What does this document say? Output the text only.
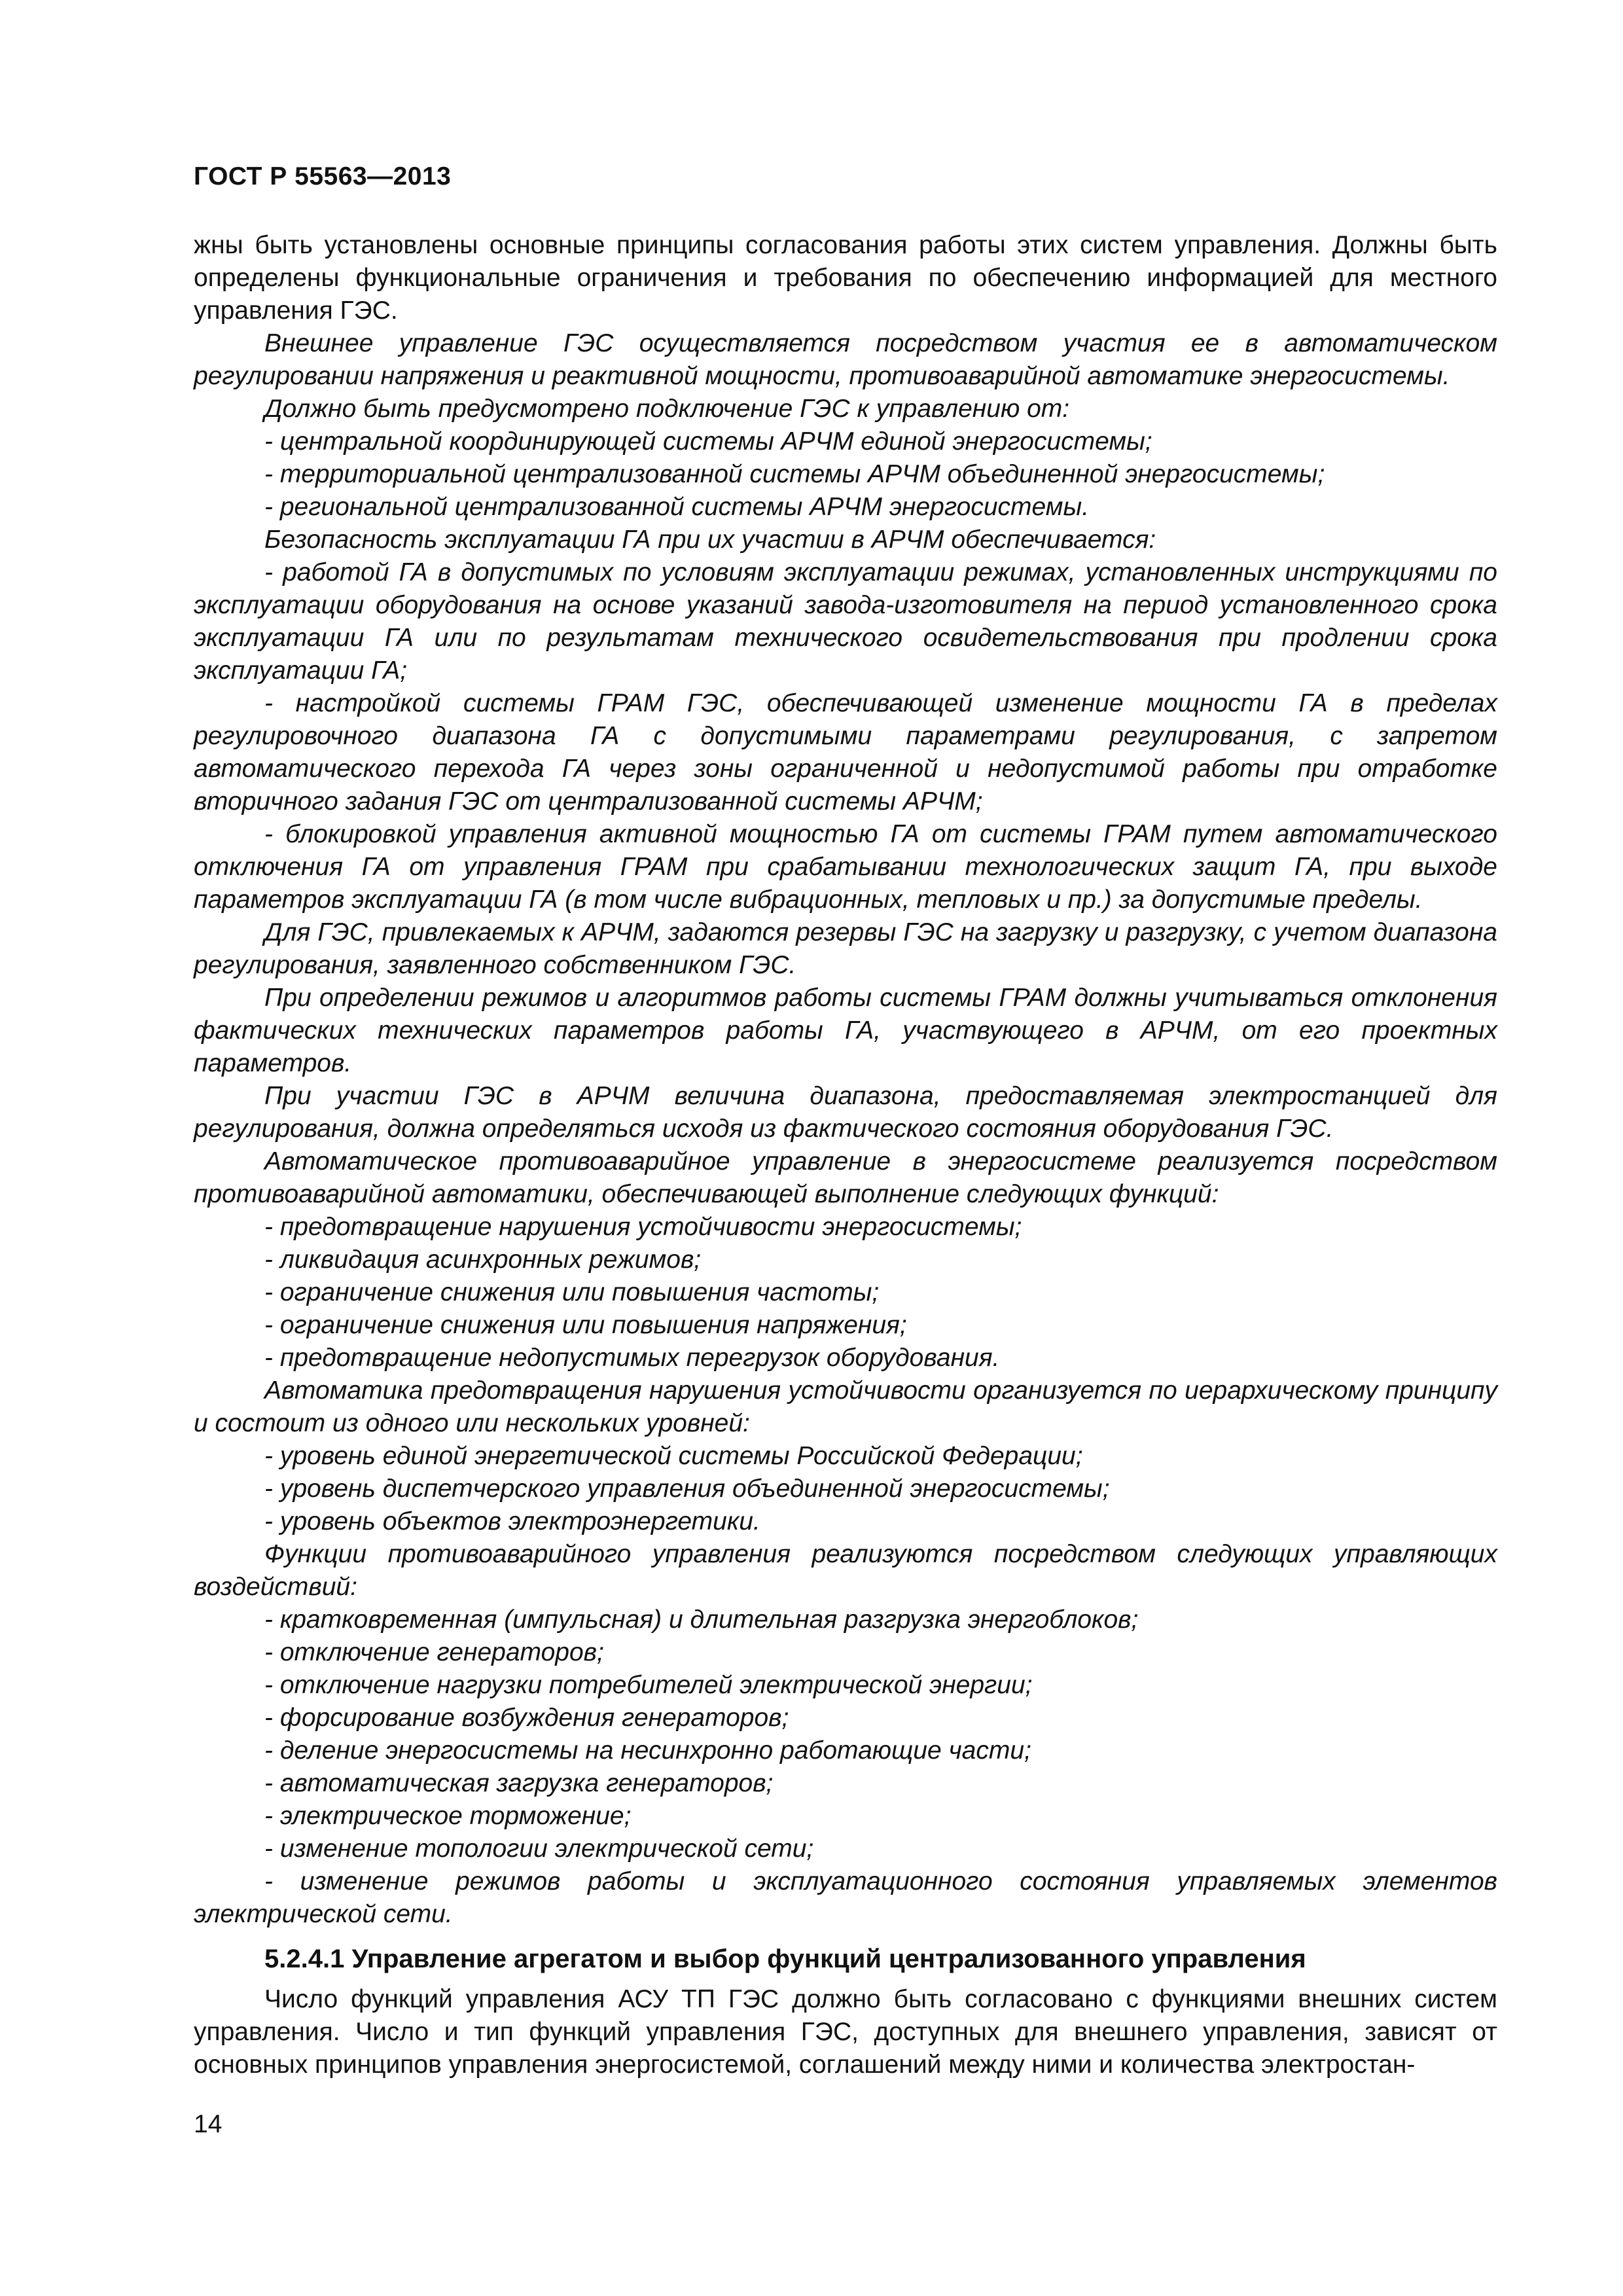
ГОСТ Р 55563—2013

жны быть установлены основные принципы согласования работы этих систем управления. Должны быть определены функциональные ограничения и требования по обеспечению информацией для местного управления ГЭС.

Внешнее управление ГЭС осуществляется посредством участия ее в автоматическом регулировании напряжения и реактивной мощности, противоаварийной автоматике энергосистемы.

Должно быть предусмотрено подключение ГЭС к управлению от:

- центральной координирующей системы АРЧМ единой энергосистемы;

- территориальной централизованной системы АРЧМ объединенной энергосистемы;

- региональной централизованной системы АРЧМ энергосистемы.

Безопасность эксплуатации ГА при их участии в АРЧМ обеспечивается:

- работой ГА в допустимых по условиям эксплуатации режимах, установленных инструкциями по эксплуатации оборудования на основе указаний завода-изготовителя на период установленного срока эксплуатации ГА или по результатам технического освидетельствования при продлении срока эксплуатации ГА;

- настройкой системы ГРАМ ГЭС, обеспечивающей изменение мощности ГА в пределах регулировочного диапазона ГА с допустимыми параметрами регулирования, с запретом автоматического перехода ГА через зоны ограниченной и недопустимой работы при отработке вторичного задания ГЭС от централизованной системы АРЧМ;

- блокировкой управления активной мощностью ГА от системы ГРАМ путем автоматического отключения ГА от управления ГРАМ при срабатывании технологических защит ГА, при выходе параметров эксплуатации ГА (в том числе вибрационных, тепловых и пр.) за допустимые пределы.

Для ГЭС, привлекаемых к АРЧМ, задаются резервы ГЭС на загрузку и разгрузку, с учетом диапазона регулирования, заявленного собственником ГЭС.

При определении режимов и алгоритмов работы системы ГРАМ должны учитываться отклонения фактических технических параметров работы ГА, участвующего в АРЧМ, от его проектных параметров.

При участии ГЭС в АРЧМ величина диапазона, предоставляемая электростанцией для регулирования, должна определяться исходя из фактического состояния оборудования ГЭС.

Автоматическое противоаварийное управление в энергосистеме реализуется посредством противоаварийной автоматики, обеспечивающей выполнение следующих функций:

- предотвращение нарушения устойчивости энергосистемы;

- ликвидация асинхронных режимов;

- ограничение снижения или повышения частоты;

- ограничение снижения или повышения напряжения;

- предотвращение недопустимых перегрузок оборудования.

Автоматика предотвращения нарушения устойчивости организуется по иерархическому принципу и состоит из одного или нескольких уровней:

- уровень единой энергетической системы Российской Федерации;

- уровень диспетчерского управления объединенной энергосистемы;

- уровень объектов электроэнергетики.

Функции противоаварийного управления реализуются посредством следующих управляющих воздействий:

- кратковременная (импульсная) и длительная разгрузка энергоблоков;

- отключение генераторов;

- отключение нагрузки потребителей электрической энергии;

- форсирование возбуждения генераторов;

- деление энергосистемы на несинхронно работающие части;

- автоматическая загрузка генераторов;

- электрическое торможение;

- изменение топологии электрической сети;

- изменение режимов работы и эксплуатационного состояния управляемых элементов электрической сети.

5.2.4.1 Управление агрегатом и выбор функций централизованного управления

Число функций управления АСУ ТП ГЭС должно быть согласовано с функциями внешних систем управления. Число и тип функций управления ГЭС, доступных для внешнего управления, зависят от основных принципов управления энергосистемой, соглашений между ними и количества электростан-

14
